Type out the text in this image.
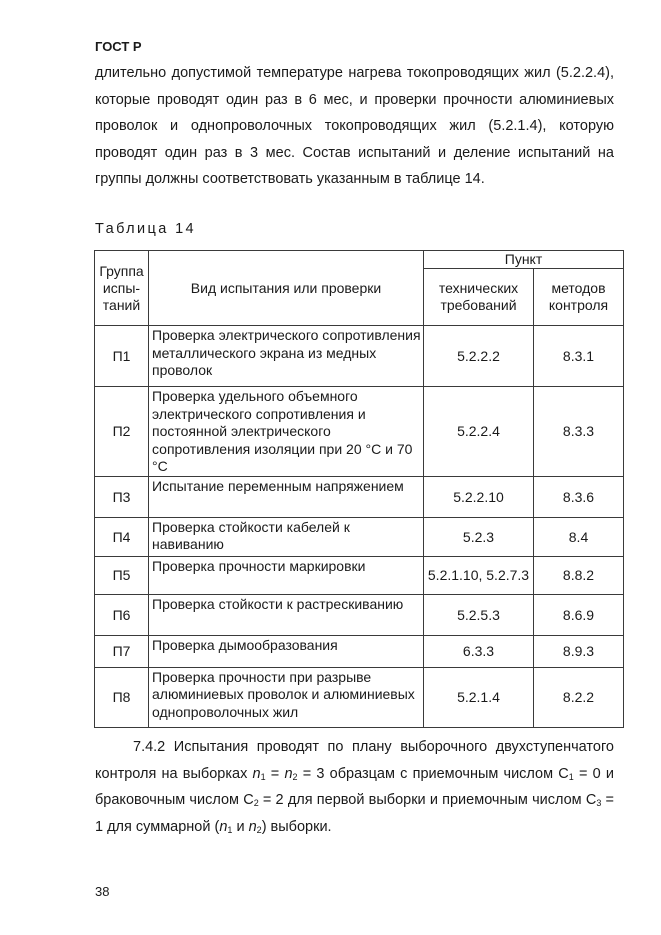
ГОСТ Р

длительно допустимой температуре нагрева токопроводящих жил (5.2.2.4), которые проводят один раз в 6 мес, и проверки прочности алюминиевых проволок и однопроволочных токопроводящих жил (5.2.1.4), которую проводят один раз в 3 мес. Состав испытаний и деление испытаний на группы должны соответствовать указанным в таблице 14.

Таблица 14
Группа испы-таний	Вид испытания или проверки	Пункт	
		технических требований	методов контроля
П1	Проверка электрического сопротивления металлического экрана из медных проволок	5.2.2.2	8.3.1
П2	Проверка удельного объемного электрического сопротивления и постоянной электрического сопротивления изоляции при 20 °С и 70 °С	5.2.2.4	8.3.3
П3	Испытание переменным напряжением	5.2.2.10	8.3.6
П4	Проверка стойкости кабелей к навиванию	5.2.3	8.4
П5	Проверка прочности маркировки	5.2.1.10, 5.2.7.3	8.8.2
П6	Проверка стойкости к растрескиванию	5.2.5.3	8.6.9
П7	Проверка дымообразования	6.3.3	8.9.3
П8	Проверка прочности при разрыве алюминиевых проволок и алюминиевых однопроволочных жил	5.2.1.4	8.2.2

7.4.2 Испытания проводят по плану выборочного двухступенчатого контроля на выборках $n_1 = n_2 = 3$ образцам с приемочным числом $C_1 = 0$ и браковочным числом $C_2 = 2$ для первой выборки и приемочным числом $C_3 = 1$ для суммарной ($n_1$ и $n_2$) выборки.

38
